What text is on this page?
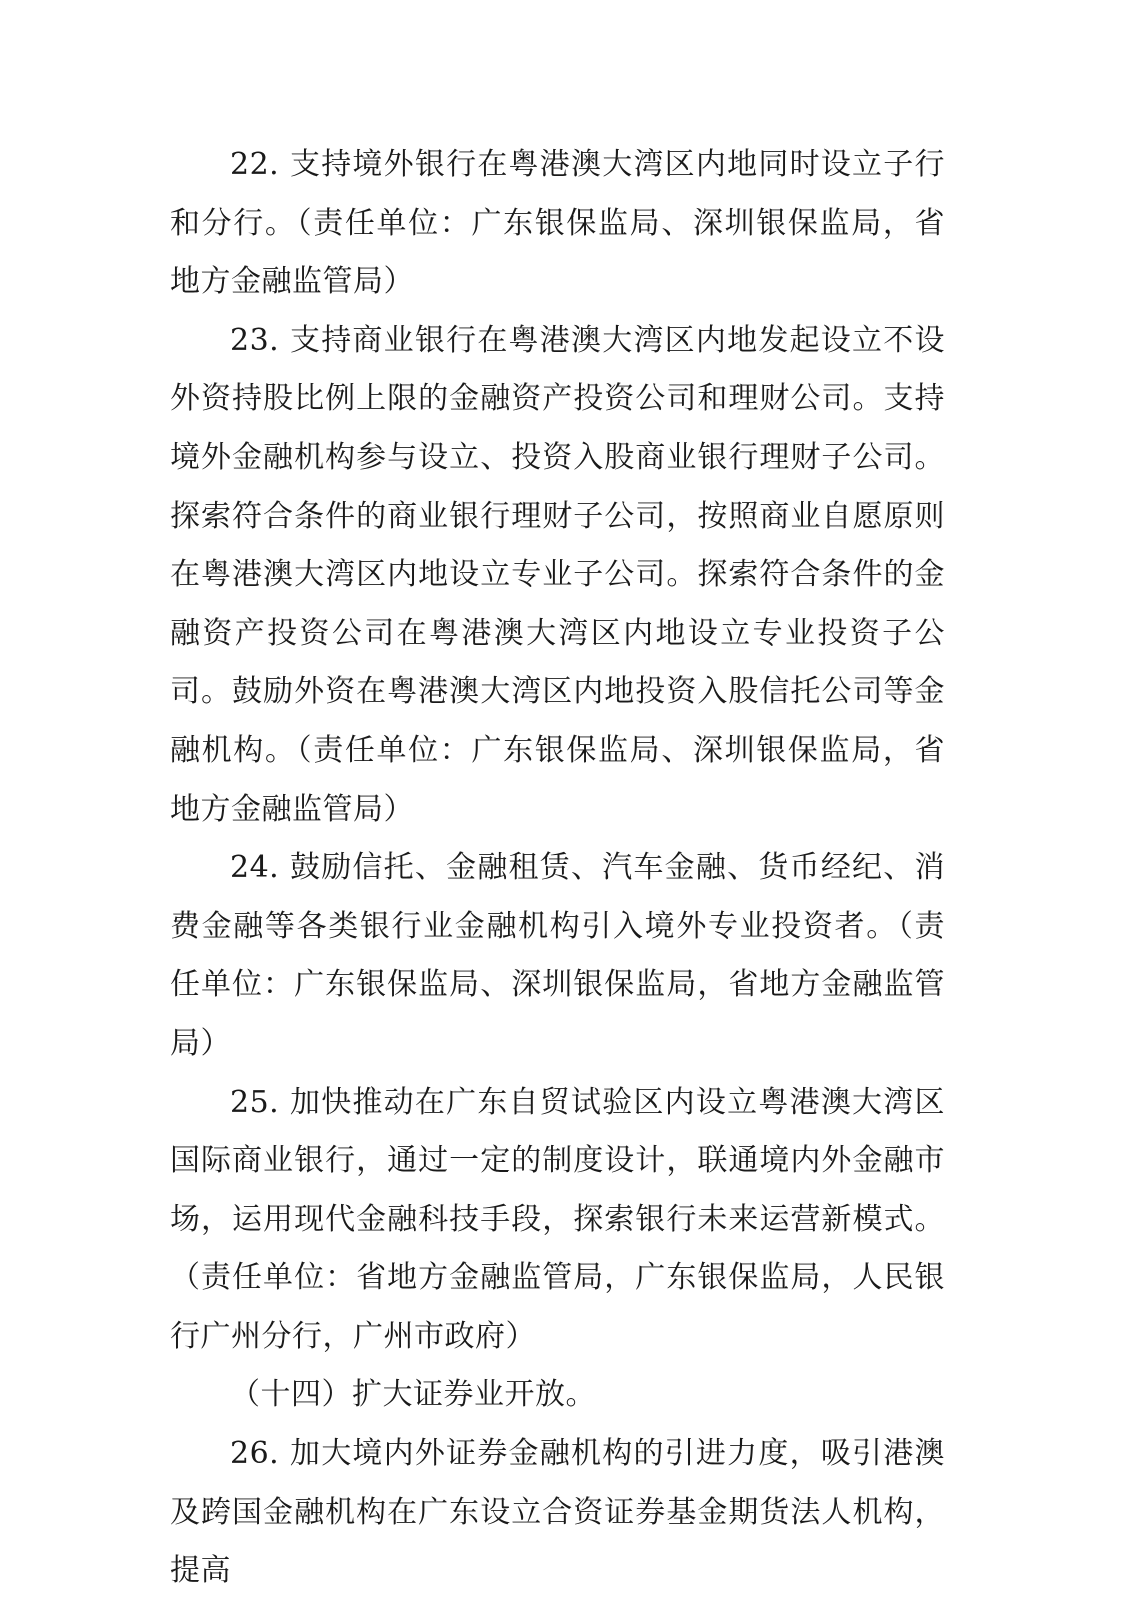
22. 支持境外银行在粤港澳大湾区内地同时设立子行和分行。（责任单位：广东银保监局、深圳银保监局，省地方金融监管局）

23. 支持商业银行在粤港澳大湾区内地发起设立不设外资持股比例上限的金融资产投资公司和理财公司。支持境外金融机构参与设立、投资入股商业银行理财子公司。探索符合条件的商业银行理财子公司，按照商业自愿原则在粤港澳大湾区内地设立专业子公司。探索符合条件的金融资产投资公司在粤港澳大湾区内地设立专业投资子公司。鼓励外资在粤港澳大湾区内地投资入股信托公司等金融机构。（责任单位：广东银保监局、深圳银保监局，省地方金融监管局）

24. 鼓励信托、金融租赁、汽车金融、货币经纪、消费金融等各类银行业金融机构引入境外专业投资者。（责任单位：广东银保监局、深圳银保监局，省地方金融监管局）

25. 加快推动在广东自贸试验区内设立粤港澳大湾区国际商业银行，通过一定的制度设计，联通境内外金融市场，运用现代金融科技手段，探索银行未来运营新模式。（责任单位：省地方金融监管局，广东银保监局，人民银行广州分行，广州市政府）

（十四）扩大证券业开放。

26. 加大境内外证券金融机构的引进力度，吸引港澳及跨国金融机构在广东设立合资证券基金期货法人机构，提高
